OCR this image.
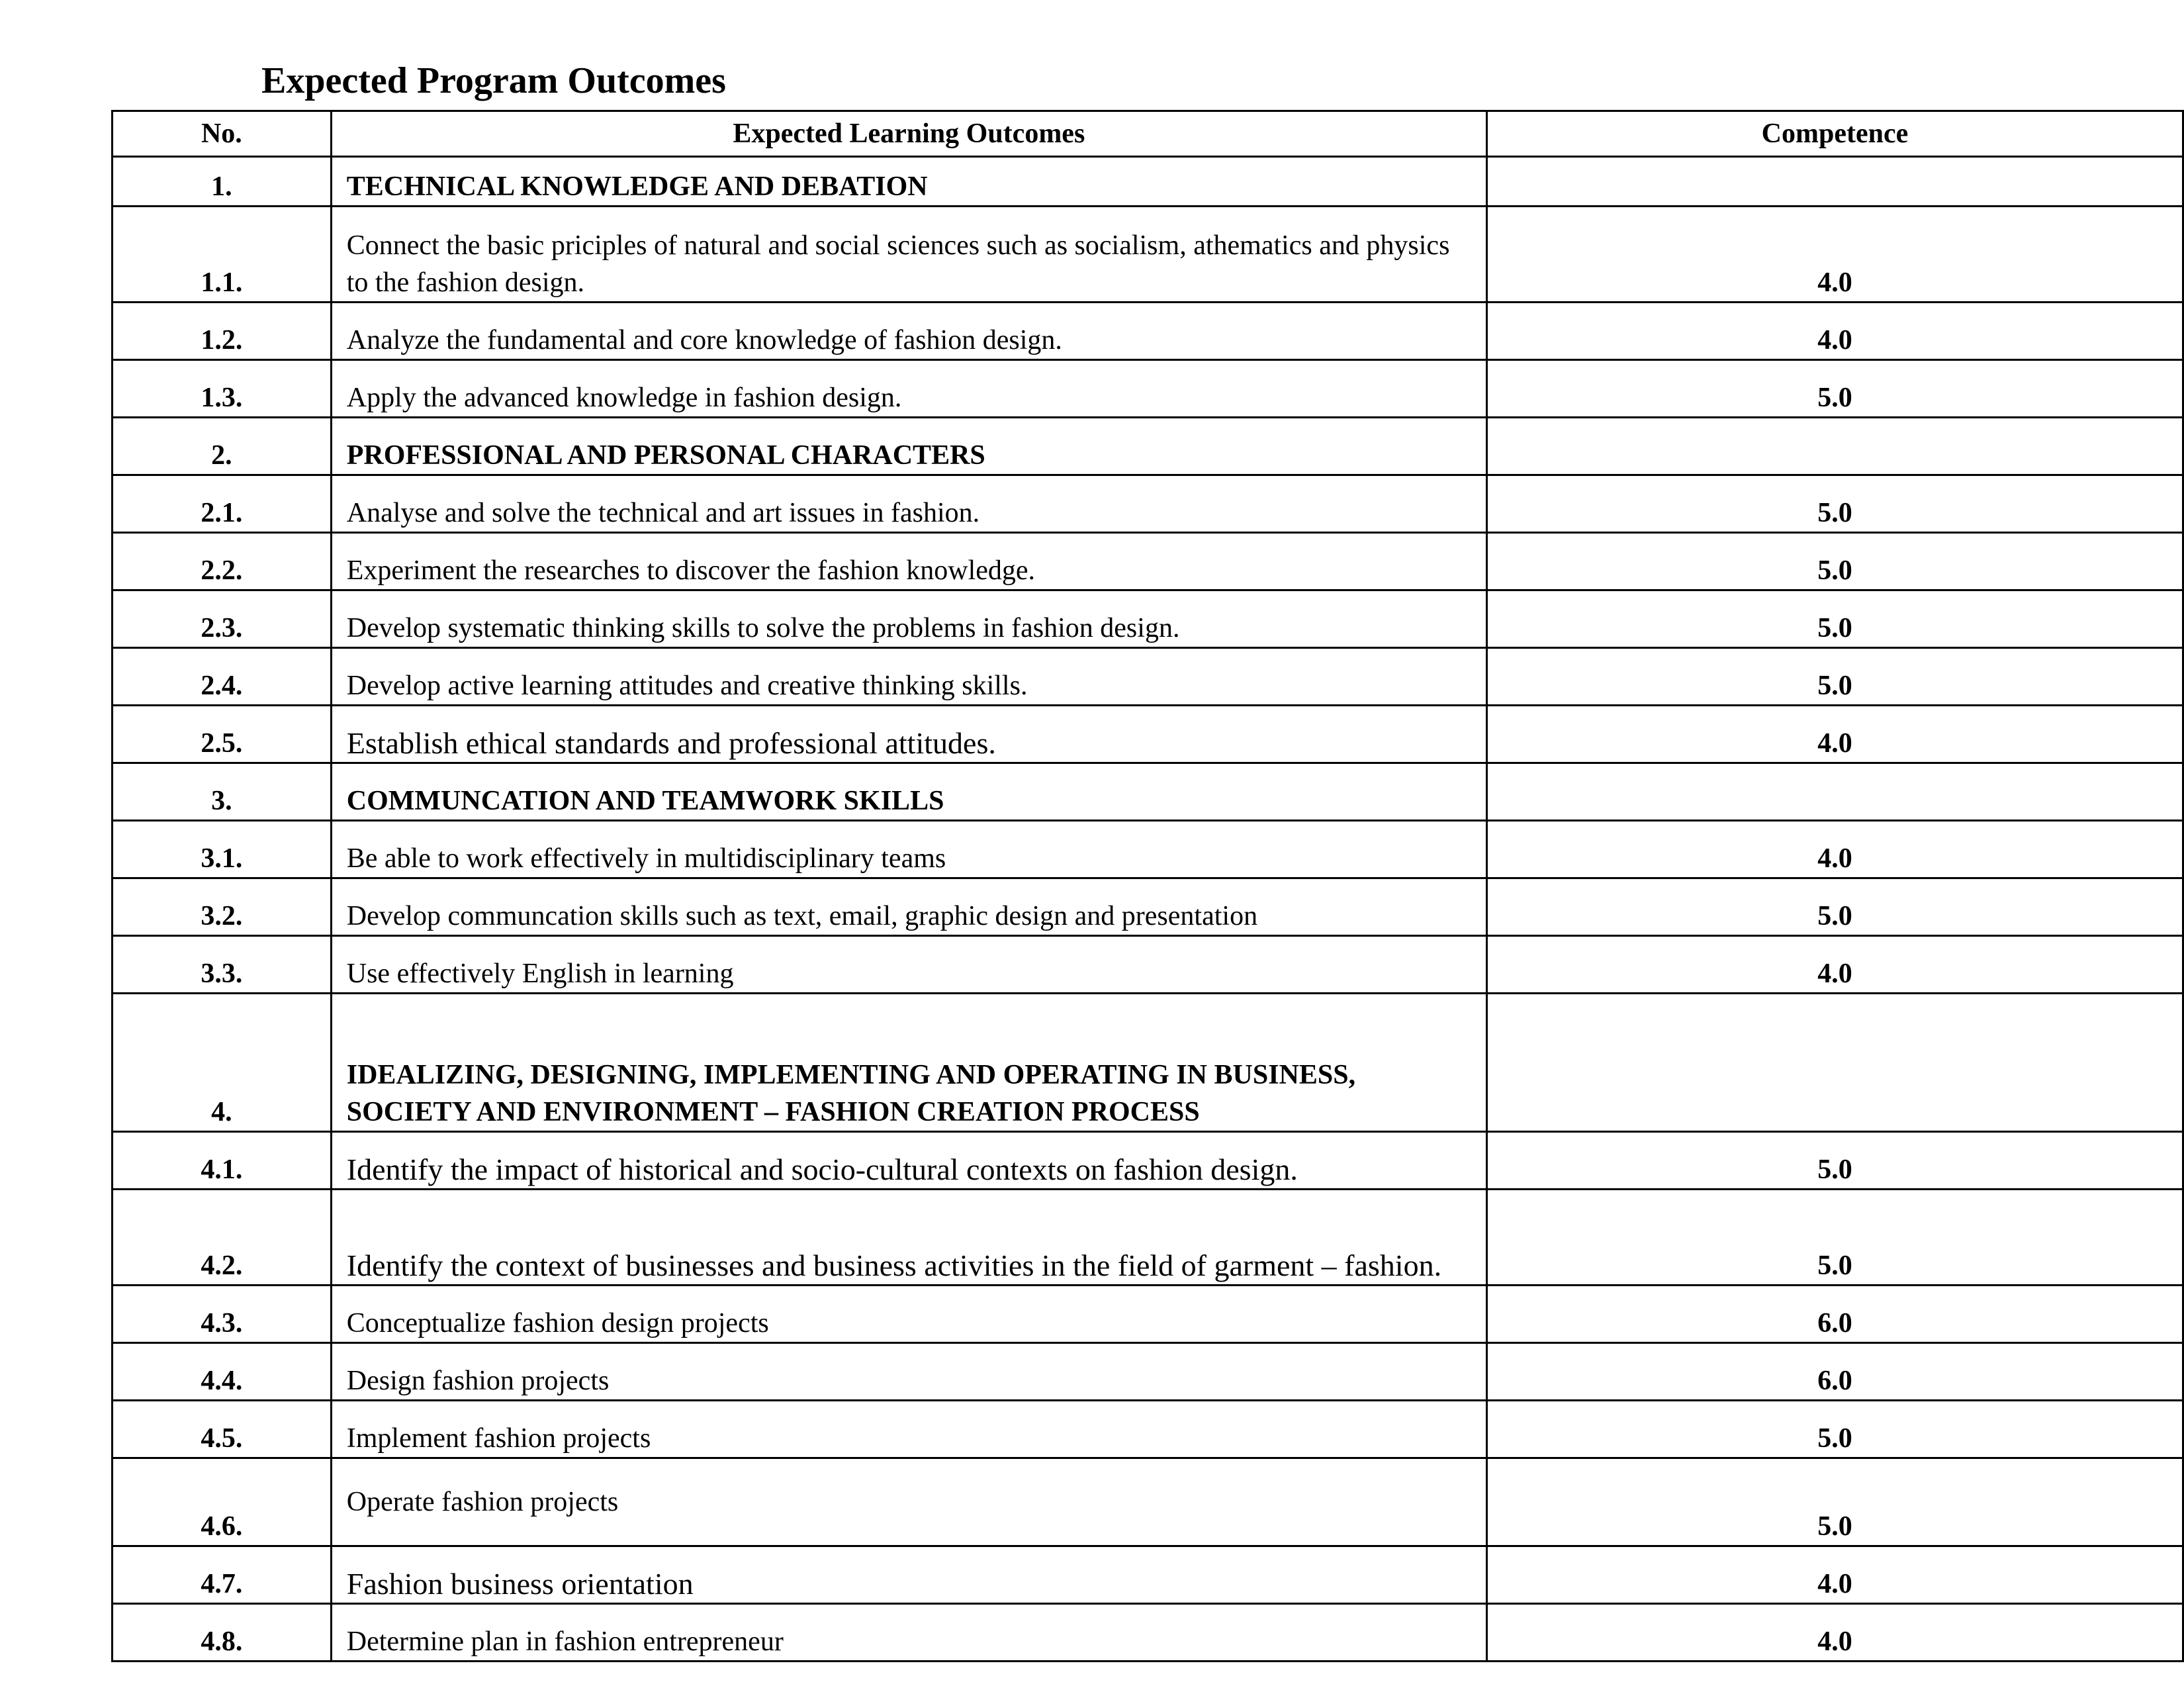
Expected Program Outcomes
No.	Expected Learning Outcomes	Competence
1.	TECHNICAL KNOWLEDGE AND DEBATION	
1.1.	Connect the basic priciples of natural and social sciences such as socialism, athematics and physics to the fashion design.	4.0
1.2.	Analyze the fundamental and core knowledge of fashion design.	4.0
1.3.	Apply the advanced knowledge in fashion design.	5.0
2.	PROFESSIONAL AND PERSONAL CHARACTERS	
2.1.	Analyse and solve the technical and art issues in fashion.	5.0
2.2.	Experiment the researches to discover the fashion knowledge.	5.0
2.3.	Develop systematic thinking skills to solve the problems in fashion design.	5.0
2.4.	Develop active learning attitudes and creative thinking skills.	5.0
2.5.	Establish ethical standards and professional attitudes.	4.0
3.	COMMUNCATION AND TEAMWORK SKILLS	
3.1.	Be able to work effectively in multidisciplinary teams	4.0
3.2.	Develop communcation skills such as text, email, graphic design and presentation	5.0
3.3.	Use effectively English in learning	4.0
4.	IDEALIZING, DESIGNING, IMPLEMENTING AND OPERATING IN BUSINESS, SOCIETY AND ENVIRONMENT – FASHION CREATION PROCESS	
4.1.	Identify the impact of historical and socio-cultural contexts on fashion design.	5.0
4.2.	Identify the context of businesses and business activities in the field of garment – fashion.	5.0
4.3.	Conceptualize fashion design projects	6.0
4.4.	Design fashion projects	6.0
4.5.	Implement fashion projects	5.0
4.6.	Operate fashion projects	5.0
4.7.	Fashion business orientation	4.0
4.8.	Determine plan in fashion entrepreneur	4.0
